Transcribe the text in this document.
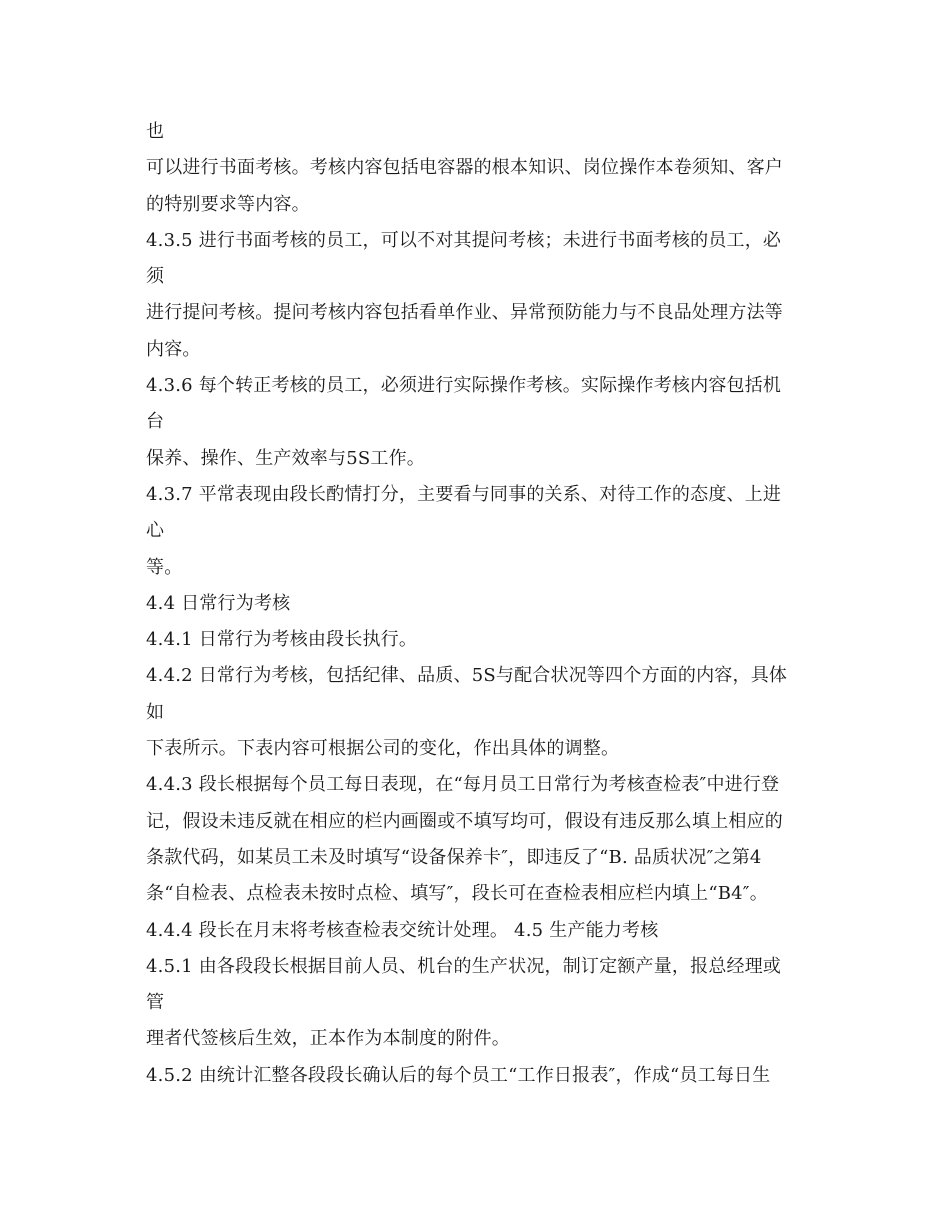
也
可以进行书面考核。考核内容包括电容器的根本知识、岗位操作本卷须知、客户
的特别要求等内容。
4.3.5 进行书面考核的员工，可以不对其提问考核；未进行书面考核的员工，必
须
进行提问考核。提问考核内容包括看单作业、异常预防能力与不良品处理方法等
内容。
4.3.6 每个转正考核的员工，必须进行实际操作考核。实际操作考核内容包括机
台
保养、操作、生产效率与5S工作。
4.3.7 平常表现由段长酌情打分，主要看与同事的关系、对待工作的态度、上进
心
等。
4.4 日常行为考核
4.4.1 日常行为考核由段长执行。
4.4.2 日常行为考核，包括纪律、品质、5S与配合状况等四个方面的内容，具体
如
下表所示。下表内容可根据公司的变化，作出具体的调整。
4.4.3 段长根据每个员工每日表现，在“每月员工日常行为考核查检表″中进行登
记，假设未违反就在相应的栏内画圈或不填写均可，假设有违反那么填上相应的
条款代码，如某员工未及时填写“设备保养卡″，即违反了“B. 品质状况″之第4
条“自检表、点检表未按时点检、填写″，段长可在查检表相应栏内填上“B4″。
4.4.4 段长在月末将考核查检表交统计处理。 4.5 生产能力考核
4.5.1 由各段段长根据目前人员、机台的生产状况，制订定额产量，报总经理或
管
理者代签核后生效，正本作为本制度的附件。
4.5.2 由统计汇整各段段长确认后的每个员工“工作日报表″，作成“员工每日生
